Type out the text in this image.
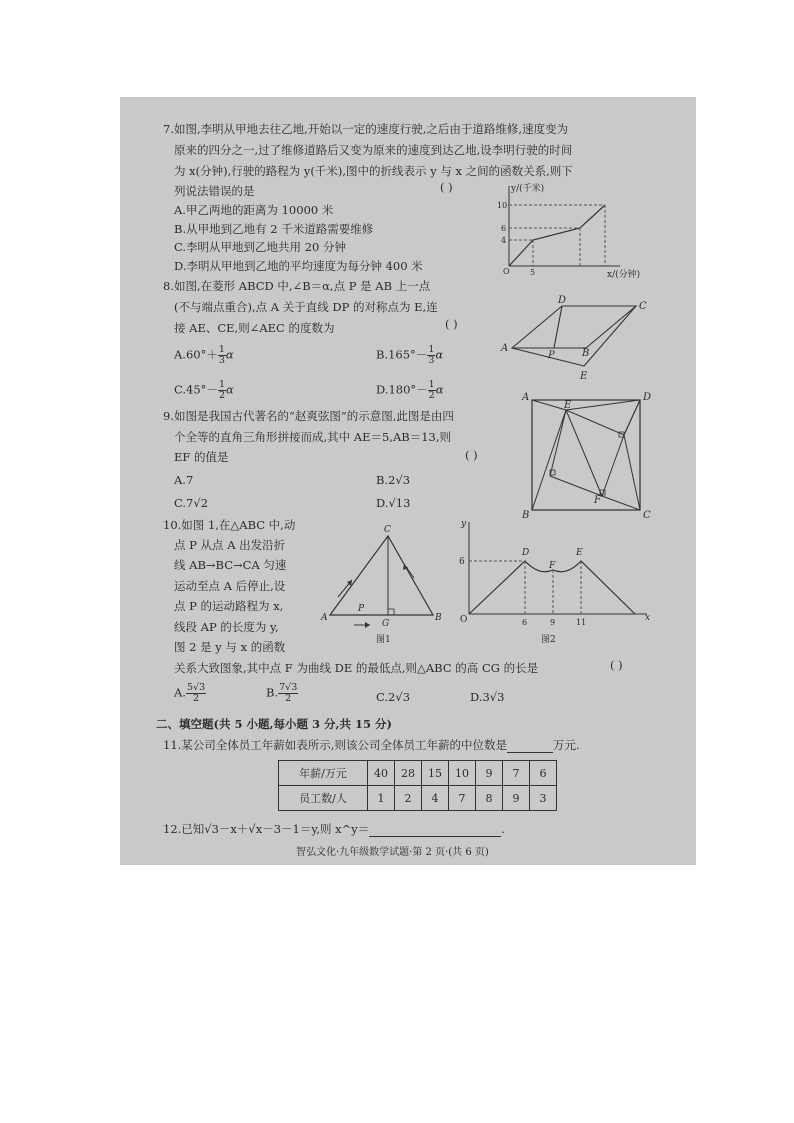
7.如图,李明从甲地去往乙地,开始以一定的速度行驶,之后由于道路维修,速度变为
原来的四分之一,过了维修道路后又变为原来的速度到达乙地,设李明行驶的时间
为 x(分钟),行驶的路程为 y(千米),图中的折线表示 y 与 x 之间的函数关系,则下
列说法错误的是	( )
A.甲乙两地的距离为 10000 米
B.从甲地到乙地有 2 千米道路需要维修
C.李明从甲地到乙地共用 20 分钟
D.李明从甲地到乙地的平均速度为每分钟 400 米
y/(千米)
x/(分钟)
10
6
4
O	5
8.如图,在菱形 ABCD 中,∠B＝α,点 P 是 AB 上一点
(不与端点重合),点 A 关于直线 DP 的对称点为 E,连
接 AE、CE,则∠AEC 的度数为	( )
$A.60^\circ+ \frac{1}{3}$ α	$B.165^\circ- \frac{1}{3}$ α
$C.45^\circ- \frac{1}{2}$ α	$D.180^\circ- \frac{1}{2}$ α
A	B
C
D
E
P
9.如图是我国古代著名的“赵爽弦图”的示意图,此图是由四
个全等的直角三角形拼接而成,其中 AE＝5,AB＝13,则
EF 的值是	( )
A.7	B.2√3
C.7√2	D.√13
A
B	C
D
E
F
10.如图 1,在△ABC 中,动
点 P 从点 A 出发沿折
线 AB→BC→CA 匀速
运动至点 A 后停止,设
点 P 的运动路程为 x,
线段 AP 的长度为 y,
图 2 是 y 与 x 的函数
关系大致图象,其中点 F 为曲线 DE 的最低点,则△ABC 的高 CG 的长是	( )
A. $\frac{5√3}{2}$	B. $\frac{7√3}{2}$	C.2√3	D.3√3
A	B
C
G
P
图1
y
x
O
6
D
F
E
6	9	11
图2
二、填空题(共 5 小题,每小题 3 分,共 15 分)
11.某公司全体员工年薪如表所示,则该公司全体员工年薪的中位数是	万元.
年薪/万元	40	28	15	10	9	7	6
员工数/人	1	2	4	7	8	9	3
12.已知√3－x＋√x－3－1＝y,则 x^y＝	.
智弘文化·九年级数学试题·第 2 页·(共 6 页)
